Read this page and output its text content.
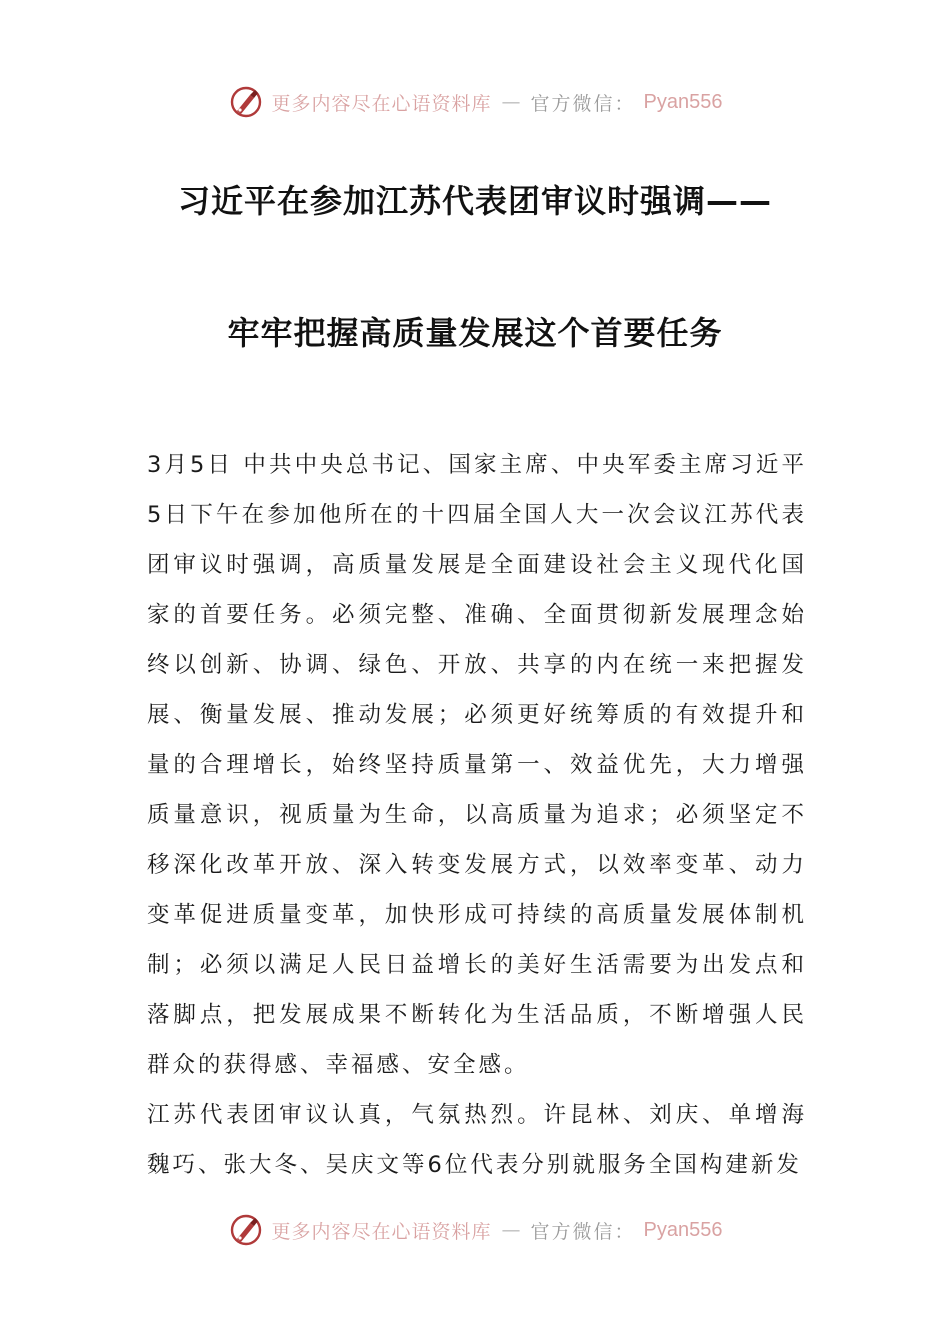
更多内容尽在心语资料库 — 官方微信： Pyan556
习近平在参加江苏代表团审议时强调——
牢牢把握高质量发展这个首要任务

3月5日 中共中央总书记、国家主席、中央军委主席习近平5日下午在参加他所在的十四届全国人大一次会议江苏代表团审议时强调，高质量发展是全面建设社会主义现代化国家的首要任务。必须完整、准确、全面贯彻新发展理念始终以创新、协调、绿色、开放、共享的内在统一来把握发展、衡量发展、推动发展；必须更好统筹质的有效提升和量的合理增长，始终坚持质量第一、效益优先，大力增强质量意识，视质量为生命，以高质量为追求；必须坚定不移深化改革开放、深入转变发展方式，以效率变革、动力变革促进质量变革，加快形成可持续的高质量发展体制机制；必须以满足人民日益增长的美好生活需要为出发点和落脚点，把发展成果不断转化为生活品质，不断增强人民群众的获得感、幸福感、安全感。

江苏代表团审议认真，气氛热烈。许昆林、刘庆、单增海魏巧、张大冬、吴庆文等6位代表分别就服务全国构建新发

更多内容尽在心语资料库 — 官方微信： Pyan556
